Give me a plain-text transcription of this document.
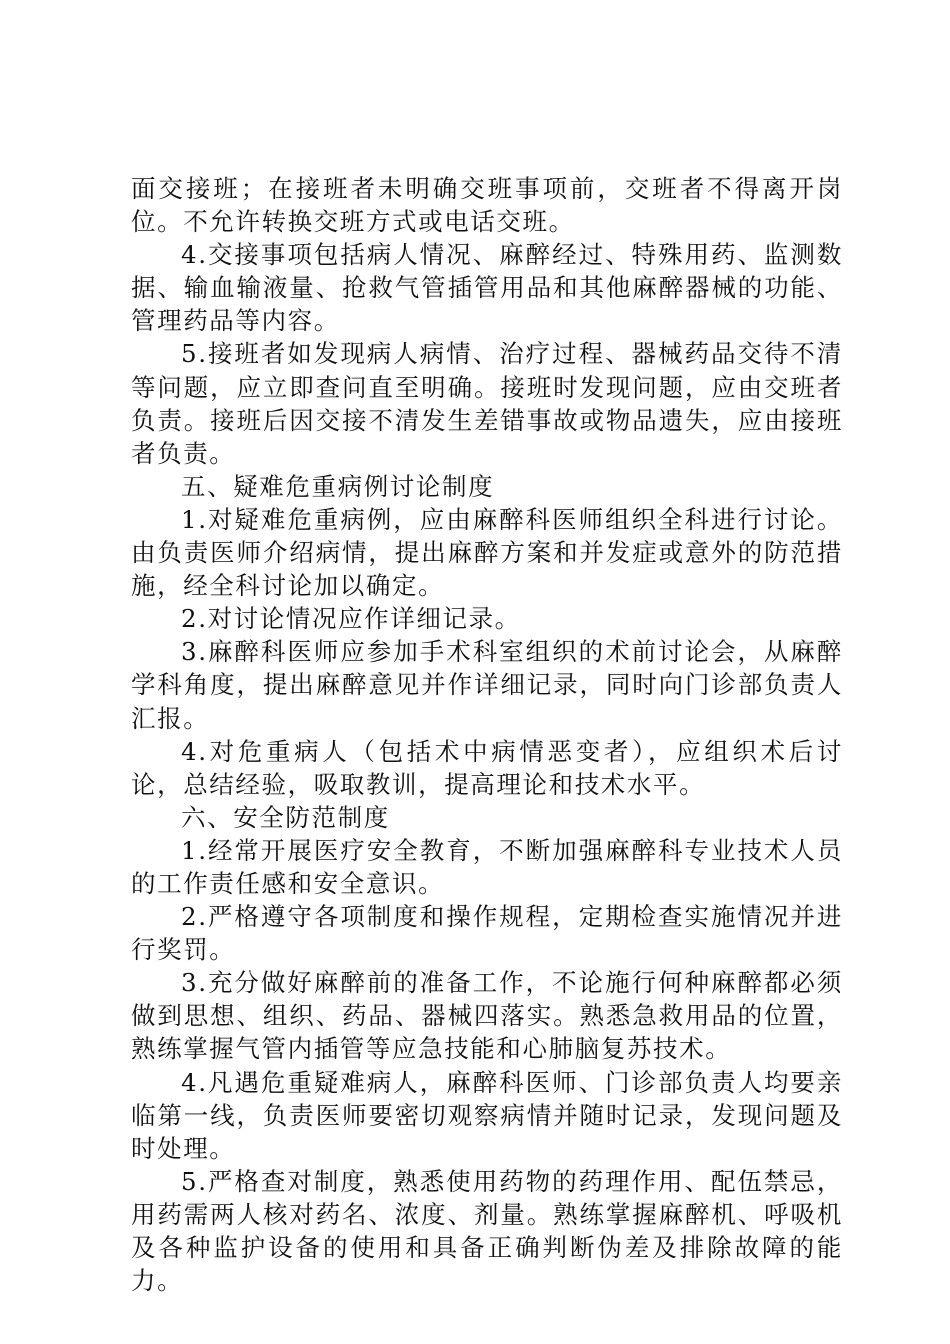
面交接班；在接班者未明确交班事项前，交班者不得离开岗位。不允许转换交班方式或电话交班。

4.交接事项包括病人情况、麻醉经过、特殊用药、监测数据、输血输液量、抢救气管插管用品和其他麻醉器械的功能、管理药品等内容。

5.接班者如发现病人病情、治疗过程、器械药品交待不清等问题，应立即查问直至明确。接班时发现问题，应由交班者负责。接班后因交接不清发生差错事故或物品遗失，应由接班者负责。

五、疑难危重病例讨论制度

1.对疑难危重病例，应由麻醉科医师组织全科进行讨论。由负责医师介绍病情，提出麻醉方案和并发症或意外的防范措施，经全科讨论加以确定。

2.对讨论情况应作详细记录。

3.麻醉科医师应参加手术科室组织的术前讨论会，从麻醉学科角度，提出麻醉意见并作详细记录，同时向门诊部负责人汇报。

4.对危重病人（包括术中病情恶变者），应组织术后讨论，总结经验，吸取教训，提高理论和技术水平。

六、安全防范制度

1.经常开展医疗安全教育，不断加强麻醉科专业技术人员的工作责任感和安全意识。

2.严格遵守各项制度和操作规程，定期检查实施情况并进行奖罚。

3.充分做好麻醉前的准备工作，不论施行何种麻醉都必须做到思想、组织、药品、器械四落实。熟悉急救用品的位置，熟练掌握气管内插管等应急技能和心肺脑复苏技术。

4.凡遇危重疑难病人，麻醉科医师、门诊部负责人均要亲临第一线，负责医师要密切观察病情并随时记录，发现问题及时处理。

5.严格查对制度，熟悉使用药物的药理作用、配伍禁忌，用药需两人核对药名、浓度、剂量。熟练掌握麻醉机、呼吸机及各种监护设备的使用和具备正确判断伪差及排除故障的能力。
